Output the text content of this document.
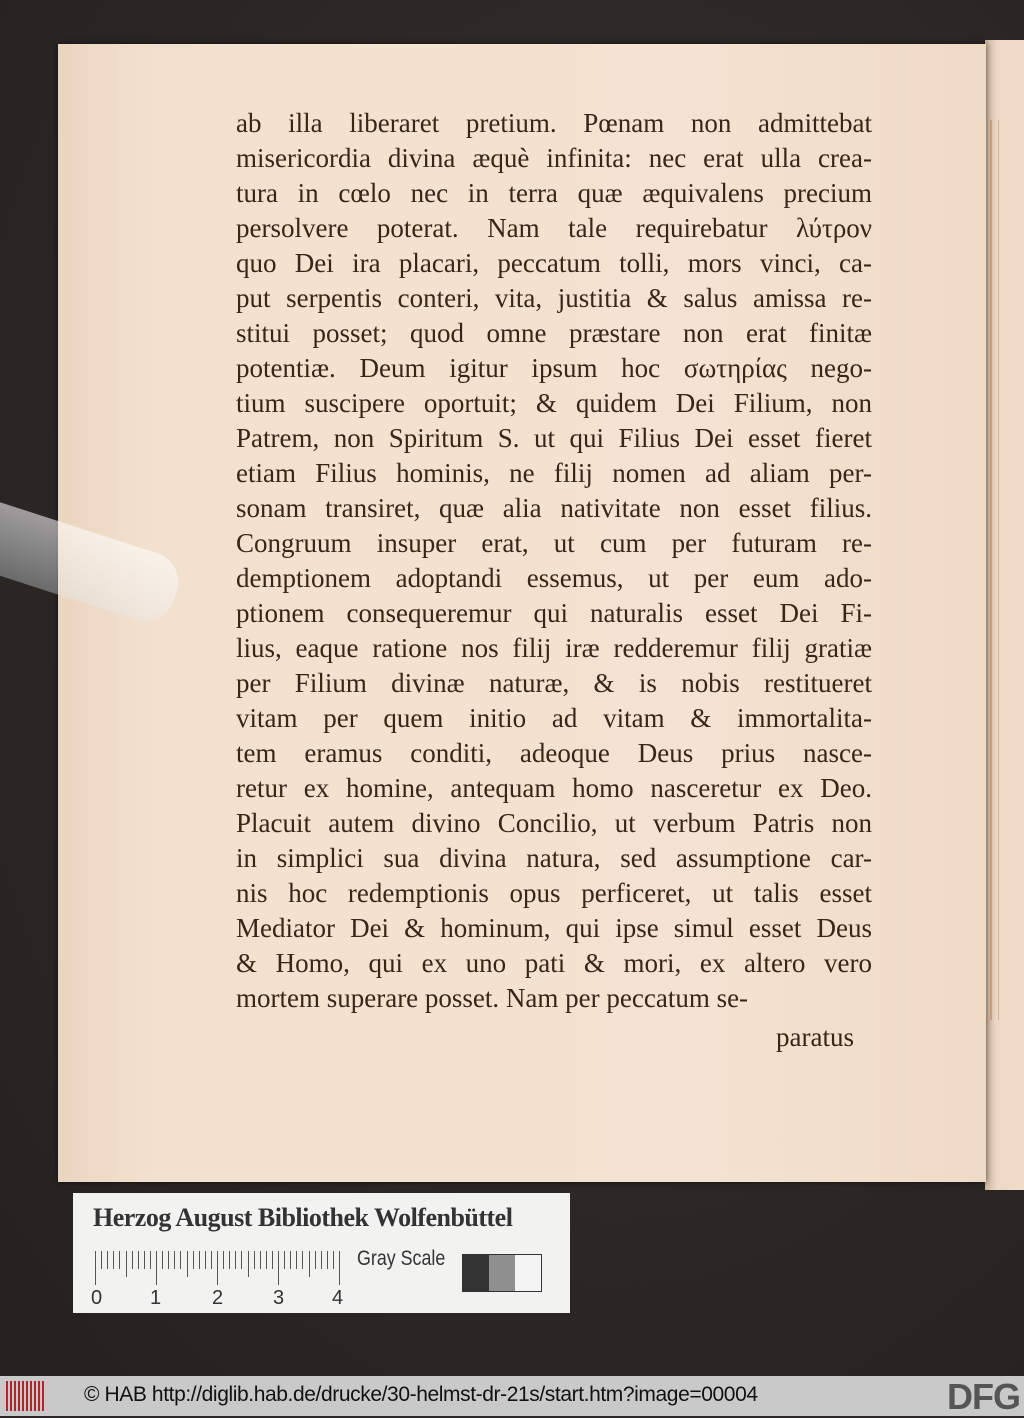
ab illa liberaret pretium. Pœnam non admittebat
misericordia divina æquè infinita: nec erat ulla crea-
tura in cœlo nec in terra quæ æquivalens precium
persolvere poterat. Nam tale requirebatur λύτρον
quo Dei ira placari, peccatum tolli, mors vinci, ca-
put serpentis conteri, vita, justitia & salus amissa re-
stitui posset; quod omne præstare non erat finitæ
potentiæ. Deum igitur ipsum hoc σωτηρίας nego-
tium suscipere oportuit; & quidem Dei Filium, non
Patrem, non Spiritum S. ut qui Filius Dei esset fieret
etiam Filius hominis, ne filij nomen ad aliam per-
sonam transiret, quæ alia nativitate non esset filius.
Congruum insuper erat, ut cum per futuram re-
demptionem adoptandi essemus, ut per eum ado-
ptionem consequeremur qui naturalis esset Dei Fi-
lius, eaque ratione nos filij iræ redderemur filij gratiæ
per Filium divinæ naturæ, & is nobis restitueret
vitam per quem initio ad vitam & immortalita-
tem eramus conditi, adeoque Deus prius nasce-
retur ex homine, antequam homo nasceretur ex Deo.
Placuit autem divino Concilio, ut verbum Patris non
in simplici sua divina natura, sed assumptione car-
nis hoc redemptionis opus perficeret, ut talis esset
Mediator Dei & hominum, qui ipse simul esset Deus
& Homo, qui ex uno pati & mori, ex altero vero
mortem superare posset. Nam per peccatum se-
paratus
Herzog August Bibliothek Wolfenbüttel
0 1	2 3 4
Gray Scale
© HAB http://diglib.hab.de/drucke/30-helmst-dr-21s/start.htm?image=00004	DFG
